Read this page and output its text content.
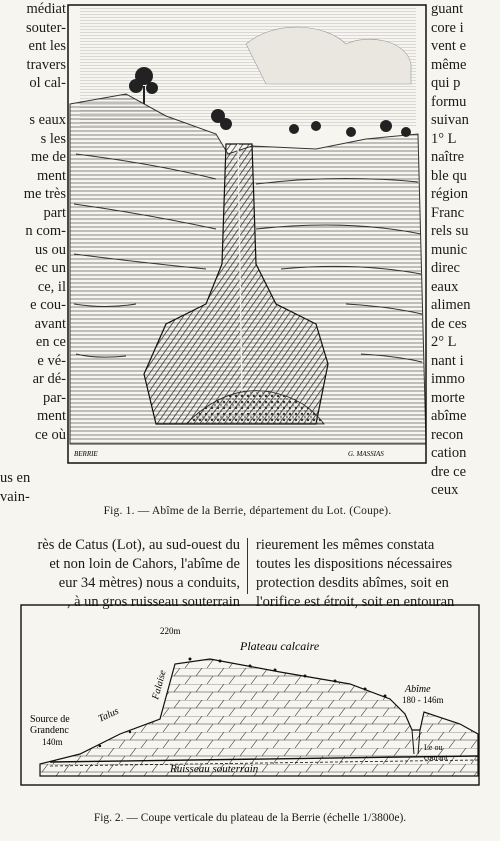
médiat
souter-
ent les
travers
ol cal-
s eaux
s les
me de
ment
me très
part
n com-
us ou
ec un
ce, il
e cou-
avant
en ce
e vé-
ar dé-
par-
ment
ce où
guant
core i
vent e
même
qui p
formu
suivan
1° L
naître
ble qu
région
Franc
rels su
munic
direc
eaux
alimen
de ces
2° L
nant i
immo
morte
abîme
recon
cation
dre ce
ceux
BERRIE	G. MASSIAS
us en
vain-
Fig. 1. — Abîme de la Berrie, département du Lot. (Coupe).
rès de Catus (Lot), au sud-ouest du
et non loin de Cahors, l'abîme de
eur 34 mètres) nous a conduits,
, à un gros ruisseau souterrain
rieurement les mêmes constata
toutes les dispositions nécessaires
protection desdits abîmes, soit en
l'orifice est étroit, soit en entouran
Plateau calcaire
220m
Falaise
Talus
Source de
Grandenc
140m
Abîme
180 - 146m
Ruisseau souterrain
Le ou
courant
Fig. 2. — Coupe verticale du plateau de la Berrie (échelle 1/3800e).
